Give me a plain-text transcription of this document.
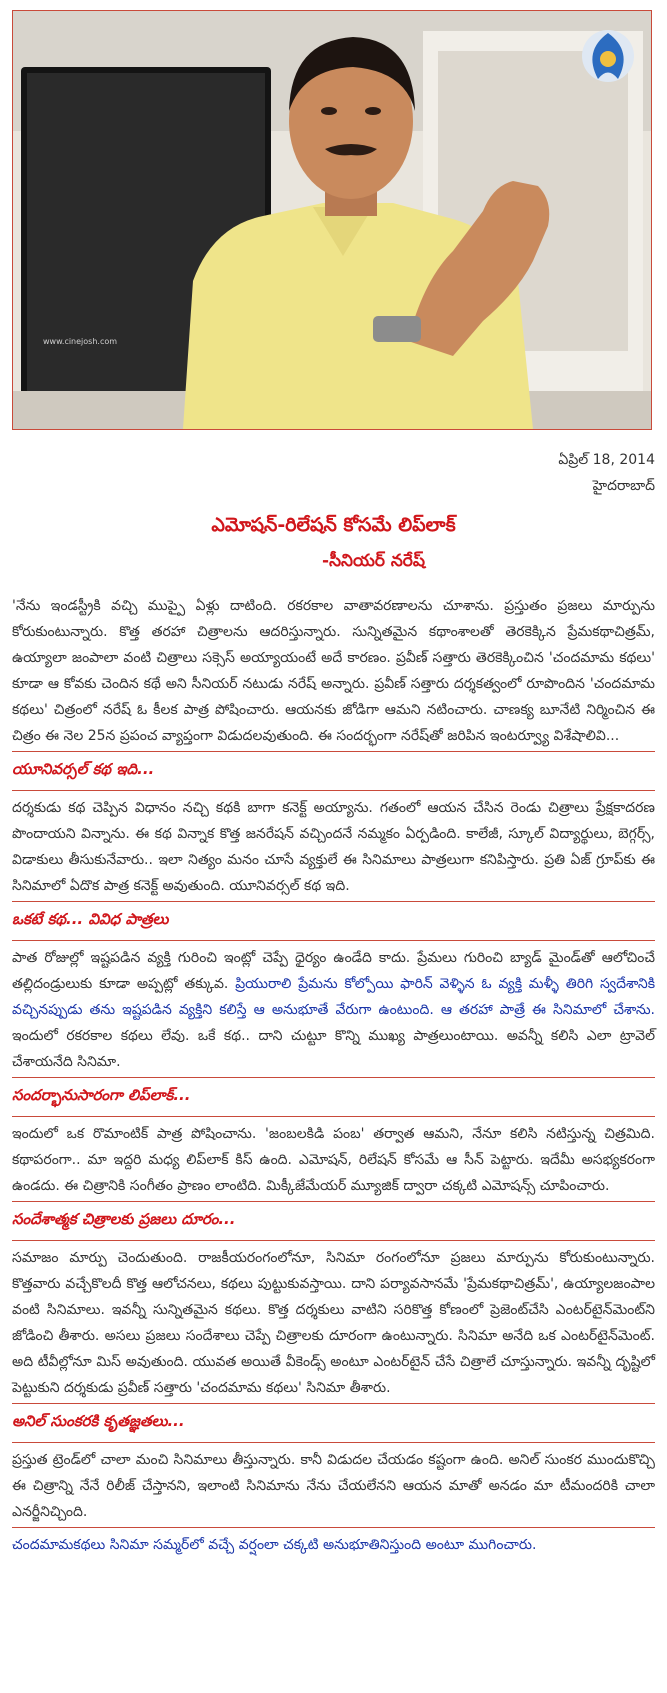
www.cinejosh.com
ఏప్రిల్ 18, 2014
హైదరాబాద్
ఎమోషన్-రిలేషన్ కోసమే లిప్‌లాక్
-సీనియర్ నరేష్

'నేను ఇండస్ట్రీకి వచ్చి ముప్పై ఏళ్లు దాటింది. రకరకాల వాతావరణాలను చూశాను. ప్రస్తుతం ప్రజలు మార్పును కోరుకుంటున్నారు. కొత్త తరహా చిత్రాలను ఆదరిస్తున్నారు. సున్నితమైన కథాంశాలతో తెరకెక్కిన ప్రేమకథాచిత్రమ్, ఉయ్యాలా జంపాలా వంటి చిత్రాలు సక్సెస్ అయ్యాయంటే అదే కారణం. ప్రవీణ్ సత్తారు తెరకెక్కించిన 'చందమామ కథలు' కూడా ఆ కోవకు చెందిన కథే అని సీనియర్ నటుడు నరేష్ అన్నారు. ప్రవీణ్ సత్తారు దర్శకత్వంలో రూపొందిన 'చందమామ కథలు' చిత్రంలో నరేష్ ఓ కీలక పాత్ర పోషించారు. ఆయనకు జోడిగా ఆమని నటించారు. చాణక్య బూనేటి నిర్మించిన ఈ చిత్రం ఈ నెల 25న ప్రపంచ వ్యాప్తంగా విడుదలవుతుంది. ఈ సందర్భంగా నరేష్‌తో జరిపిన ఇంటర్వ్యూ విశేషాలివి...

యూనివర్సల్ కథ ఇది...

దర్శకుడు కథ చెప్పిన విధానం నచ్చి కథకి బాగా కనెక్ట్ అయ్యాను. గతంలో ఆయన చేసిన రెండు చిత్రాలు ప్రేక్షకాదరణ పొందాయని విన్నాను. ఈ కథ విన్నాక కొత్త జనరేషన్ వచ్చిందనే నమ్మకం ఏర్పడింది. కాలేజీ, స్కూల్ విద్యార్థులు, బెగ్గర్స్, విడాకులు తీసుకునేవారు.. ఇలా నిత్యం మనం చూసే వ్యక్తులే ఈ సినిమాలు పాత్రలుగా కనిపిస్తారు. ప్రతి ఏజ్ గ్రూప్‌కు ఈ సినిమాలో ఏదొక పాత్ర కనెక్ట్ అవుతుంది. యూనివర్సల్ కథ ఇది.

ఒకటే కథ... వివిధ పాత్రలు

పాత రోజుల్లో ఇష్టపడిన వ్యక్తి గురించి ఇంట్లో చెప్పే ధైర్యం ఉండేది కాదు. ప్రేమలు గురించి బ్యాడ్ మైండ్‌తో ఆలోచించే తల్లిదండ్రులుకు కూడా అప్పట్లో తక్కువ. ప్రియురాలి ప్రేమను కోల్పోయి ఫారిన్ వెళ్ళిన ఓ వ్యక్తి మళ్ళీ తిరిగి స్వదేశానికి వచ్చినప్పుడు తను ఇష్టపడిన వ్యక్తిని కలిస్తే ఆ అనుభూతే వేరుగా ఉంటుంది. ఆ తరహా పాత్రే ఈ సినిమాలో చేశాను. ఇందులో రకరకాల కథలు లేవు. ఒకే కథ.. దాని చుట్టూ కొన్ని ముఖ్య పాత్రలుంటాయి. అవన్నీ కలిసి ఎలా ట్రావెల్ చేశాయనేది సినిమా.

సందర్భానుసారంగా లిప్‌లాక్...

ఇందులో ఒక రొమాంటిక్ పాత్ర పోషించాను. 'జంబలకిడి పంబ' తర్వాత ఆమని, నేనూ కలిసి నటిస్తున్న చిత్రమిది. కథాపరంగా.. మా ఇద్దరి మధ్య లిప్‌లాక్ కిస్ ఉంది. ఎమోషన్, రిలేషన్ కోసమే ఆ సీన్ పెట్టారు. ఇదేమీ అసభ్యకరంగా ఉండదు. ఈ చిత్రానికి సంగీతం ప్రాణం లాంటిది. మిక్కీజేమేయర్ మ్యూజిక్ ద్వారా చక్కటి ఎమోషన్స్ చూపించారు.

సందేశాత్మక చిత్రాలకు ప్రజలు దూరం...

సమాజం మార్పు చెందుతుంది. రాజకీయరంగంలోనూ, సినిమా రంగంలోనూ ప్రజలు మార్పును కోరుకుంటున్నారు. కొత్తవారు వచ్చేకొలదీ కొత్త ఆలోచనలు, కథలు పుట్టుకువస్తాయి. దాని పర్యావసానమే 'ప్రేమకథాచిత్రమ్', ఉయ్యాలజంపాల వంటి సినిమాలు. ఇవన్నీ సున్నితమైన కథలు. కొత్త దర్శకులు వాటిని సరికొత్త కోణంలో ప్రెజెంట్‌చేసి ఎంటర్‌టైన్‌మెంట్‌ని జోడించి తీశారు. అసలు ప్రజలు సందేశాలు చెప్పే చిత్రాలకు దూరంగా ఉంటున్నారు. సినిమా అనేది ఒక ఎంటర్‌టైన్‌మెంట్. అది టీవీల్లోనూ మిస్ అవుతుంది. యువత అయితే వీకెండ్స్ అంటూ ఎంటర్‌టైన్ చేసే చిత్రాలే చూస్తున్నారు. ఇవన్నీ దృష్టిలో పెట్టుకుని దర్శకుడు ప్రవీణ్ సత్తారు 'చందమామ కథలు' సినిమా తీశారు.

అనిల్ సుంకరకి కృతజ్ఞతలు...

ప్రస్తుత ట్రెండ్‌లో చాలా మంచి సినిమాలు తీస్తున్నారు. కానీ విడుదల చేయడం కష్టంగా ఉంది. అనిల్ సుంకర ముందుకొచ్చి ఈ చిత్రాన్ని నేనే రిలీజ్ చేస్తానని, ఇలాంటి సినిమాను నేను చేయలేనని ఆయన మాతో అనడం మా టీమందరికి చాలా ఎనర్జీనిచ్చింది.

చందమామకథలు సినిమా సమ్మర్‌లో వచ్చే వర్షంలా చక్కటి అనుభూతినిస్తుంది అంటూ ముగించారు.
